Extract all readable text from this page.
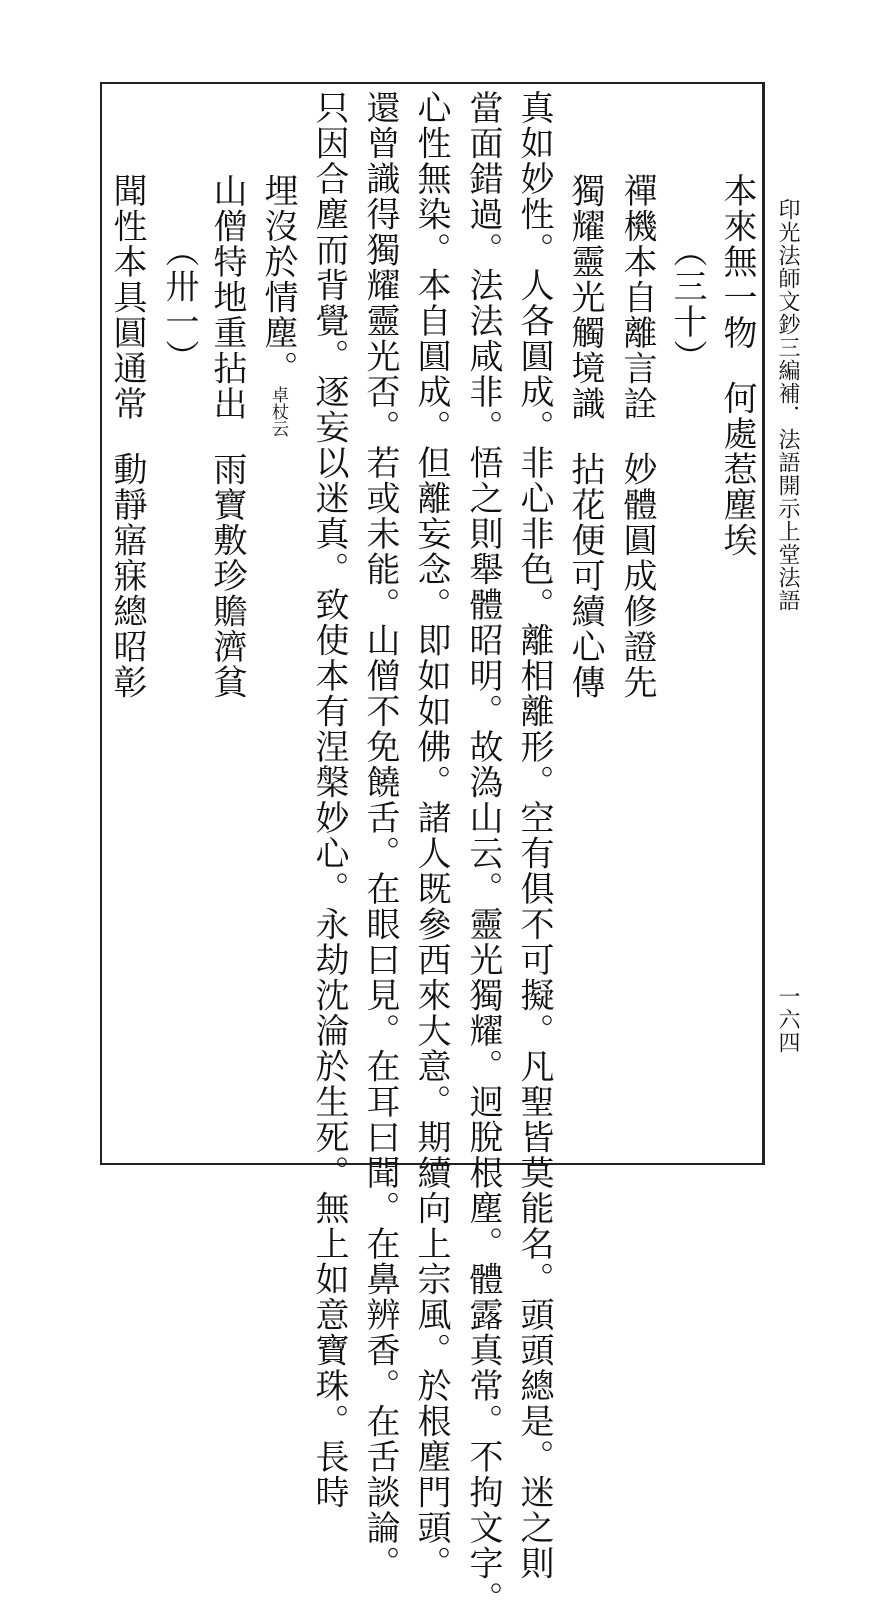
印光法師文鈔三編補．法語開示
上堂法語
一六四

本來無一物何處惹塵埃

（三十）

禪機本自離言詮妙體圓成修證先

獨耀靈光觸境識拈花便可續心傳

真如妙性。人各圓成。非心非色。離相離形。空有俱不可擬。凡聖皆莫能名。頭頭總是。迷之則
當面錯過。法法咸非。悟之則舉體昭明。故溈山云。靈光獨耀。迥脫根塵。體露真常。不拘文字。
心性無染。本自圓成。但離妄念。即如如佛。諸人既參西來大意。期續向上宗風。於根塵門頭。
還曾識得獨耀靈光否。若或未能。山僧不免饒舌。在眼曰見。在耳曰聞。在鼻辨香。在舌談論。
只因合塵而背覺。逐妄以迷真。致使本有涅槃妙心。永劫沈淪於生死。無上如意寶珠。長時

埋沒於情塵。卓杖云

山僧特地重拈出雨寶敷珍贍濟貧

（卅一）

聞性本具圓通常動靜寤寐總昭彰
